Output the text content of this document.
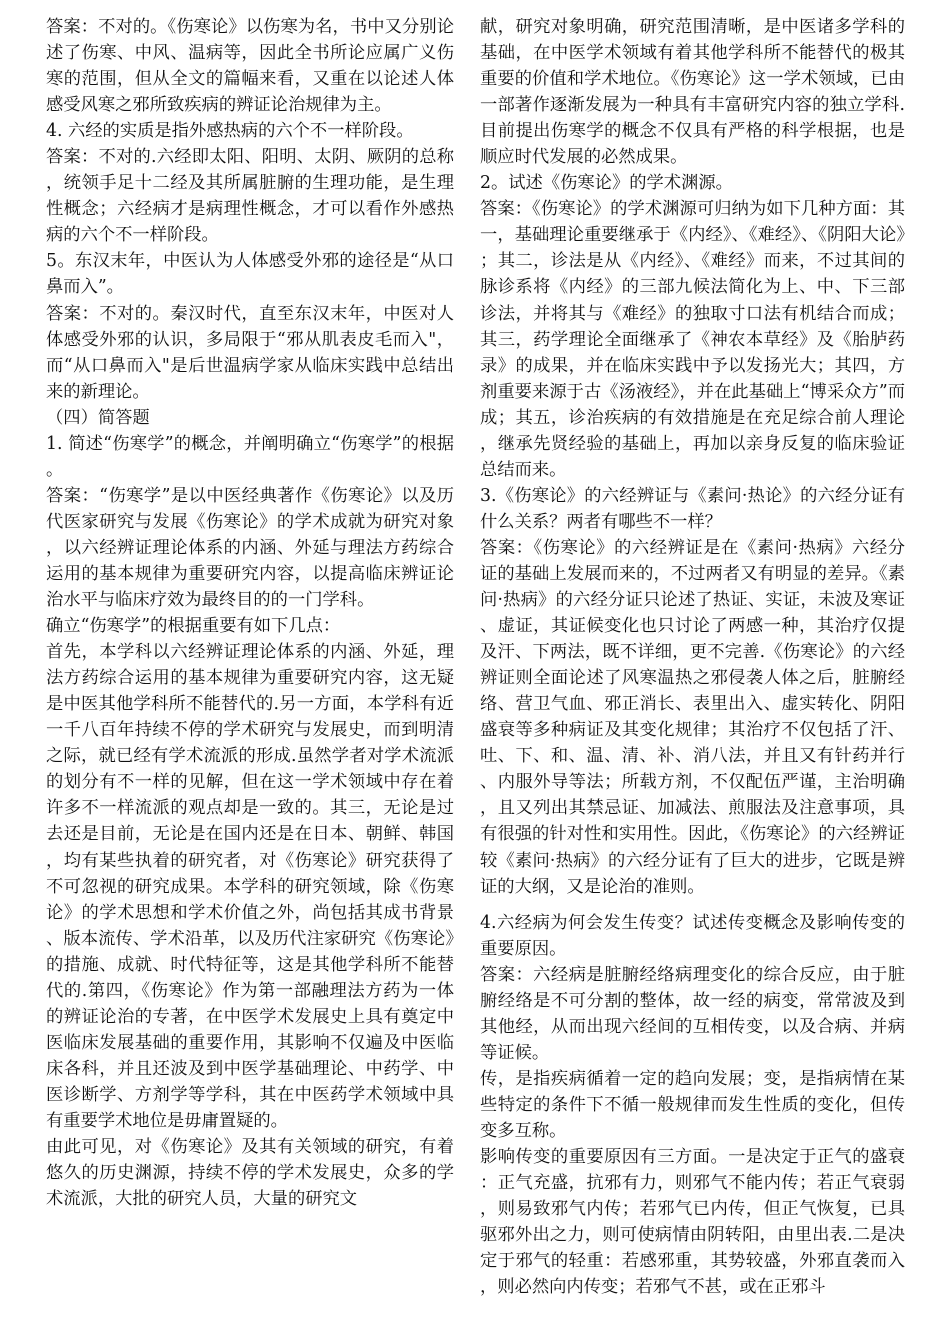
答案：不对的。《伤寒论》以伤寒为名，书中又分别论述了伤寒、中风、温病等，因此全书所论应属广义伤寒的范围，但从全文的篇幅来看，又重在以论述人体感受风寒之邪所致疾病的辨证论治规律为主。

4. 六经的实质是指外感热病的六个不一样阶段。

答案：不对的.六经即太阳、阳明、太阴、厥阴的总称，统领手足十二经及其所属脏腑的生理功能，是生理性概念；六经病才是病理性概念，才可以看作外感热病的六个不一样阶段。

5。东汉末年，中医认为人体感受外邪的途径是“从口鼻而入”。

答案：不对的。秦汉时代，直至东汉末年，中医对人体感受外邪的认识，多局限于“邪从肌表皮毛而入"，而“从口鼻而入"是后世温病学家从临床实践中总结出来的新理论。

（四）简答题

1. 简述“伤寒学”的概念，并阐明确立“伤寒学”的根据。

答案：“伤寒学”是以中医经典著作《伤寒论》以及历代医家研究与发展《伤寒论》的学术成就为研究对象，以六经辨证理论体系的内涵、外延与理法方药综合运用的基本规律为重要研究内容，以提高临床辨证论治水平与临床疗效为最终目的的一门学科。

确立“伤寒学”的根据重要有如下几点：

首先，本学科以六经辨证理论体系的内涵、外延，理法方药综合运用的基本规律为重要研究内容，这无疑是中医其他学科所不能替代的.另一方面，本学科有近一千八百年持续不停的学术研究与发展史，而到明清之际，就已经有学术流派的形成.虽然学者对学术流派的划分有不一样的见解，但在这一学术领域中存在着许多不一样流派的观点却是一致的。其三，无论是过去还是目前，无论是在国内还是在日本、朝鲜、韩国，均有某些执着的研究者，对《伤寒论》研究获得了不可忽视的研究成果。本学科的研究领域，除《伤寒论》的学术思想和学术价值之外，尚包括其成书背景、版本流传、学术沿革，以及历代注家研究《伤寒论》的措施、成就、时代特征等，这是其他学科所不能替代的.第四，《伤寒论》作为第一部融理法方药为一体的辨证论治的专著，在中医学术发展史上具有奠定中医临床发展基础的重要作用，其影响不仅遍及中医临床各科，并且还波及到中医学基础理论、中药学、中医诊断学、方剂学等学科，其在中医药学术领域中具有重要学术地位是毋庸置疑的。

由此可见，对《伤寒论》及其有关领域的研究，有着悠久的历史渊源，持续不停的学术发展史，众多的学术流派，大批的研究人员，大量的研究文

献，研究对象明确，研究范围清晰，是中医诸多学科的基础，在中医学术领域有着其他学科所不能替代的极其重要的价值和学术地位。《伤寒论》这一学术领域，已由一部著作逐渐发展为一种具有丰富研究内容的独立学科.目前提出伤寒学的概念不仅具有严格的科学根据，也是顺应时代发展的必然成果。

2。试述《伤寒论》的学术渊源。

答案：《伤寒论》的学术渊源可归纳为如下几种方面：其一，基础理论重要继承于《内经》、《难经》、《阴阳大论》；其二，诊法是从《内经》、《难经》而来，不过其间的脉诊系将《内经》的三部九候法简化为上、中、下三部诊法，并将其与《难经》的独取寸口法有机结合而成；其三，药学理论全面继承了《神农本草经》及《胎胪药录》的成果，并在临床实践中予以发扬光大；其四，方剂重要来源于古《汤液经》，并在此基础上“博采众方”而成；其五，诊治疾病的有效措施是在充足综合前人理论，继承先贤经验的基础上，再加以亲身反复的临床验证总结而来。

3.《伤寒论》的六经辨证与《素问·热论》的六经分证有什么关系？两者有哪些不一样？

答案：《伤寒论》的六经辨证是在《素问·热病》六经分证的基础上发展而来的，不过两者又有明显的差异。《素问·热病》的六经分证只论述了热证、实证，未波及寒证、虚证，其证候变化也只讨论了两感一种，其治疗仅提及汗、下两法，既不详细，更不完善.《伤寒论》的六经辨证则全面论述了风寒温热之邪侵袭人体之后，脏腑经络、营卫气血、邪正消长、表里出入、虚实转化、阴阳盛衰等多种病证及其变化规律；其治疗不仅包括了汗、吐、下、和、温、清、补、消八法，并且又有针药并行、内服外导等法；所载方剂，不仅配伍严谨，主治明确，且又列出其禁忌证、加减法、煎服法及注意事项，具有很强的针对性和实用性。因此，《伤寒论》的六经辨证较《素问·热病》的六经分证有了巨大的进步，它既是辨证的大纲，又是论治的准则。

4.六经病为何会发生传变？试述传变概念及影响传变的重要原因。

答案：六经病是脏腑经络病理变化的综合反应，由于脏腑经络是不可分割的整体，故一经的病变，常常波及到其他经，从而出现六经间的互相传变，以及合病、并病等证候。

传，是指疾病循着一定的趋向发展；变，是指病情在某些特定的条件下不循一般规律而发生性质的变化，但传变多互称。

影响传变的重要原因有三方面。一是决定于正气的盛衰：正气充盛，抗邪有力，则邪气不能内传；若正气衰弱，则易致邪气内传；若邪气已内传，但正气恢复，已具驱邪外出之力，则可使病情由阴转阳，由里出表.二是决定于邪气的轻重：若感邪重，其势较盛，外邪直袭而入，则必然向内传变；若邪气不甚，或在正邪斗
